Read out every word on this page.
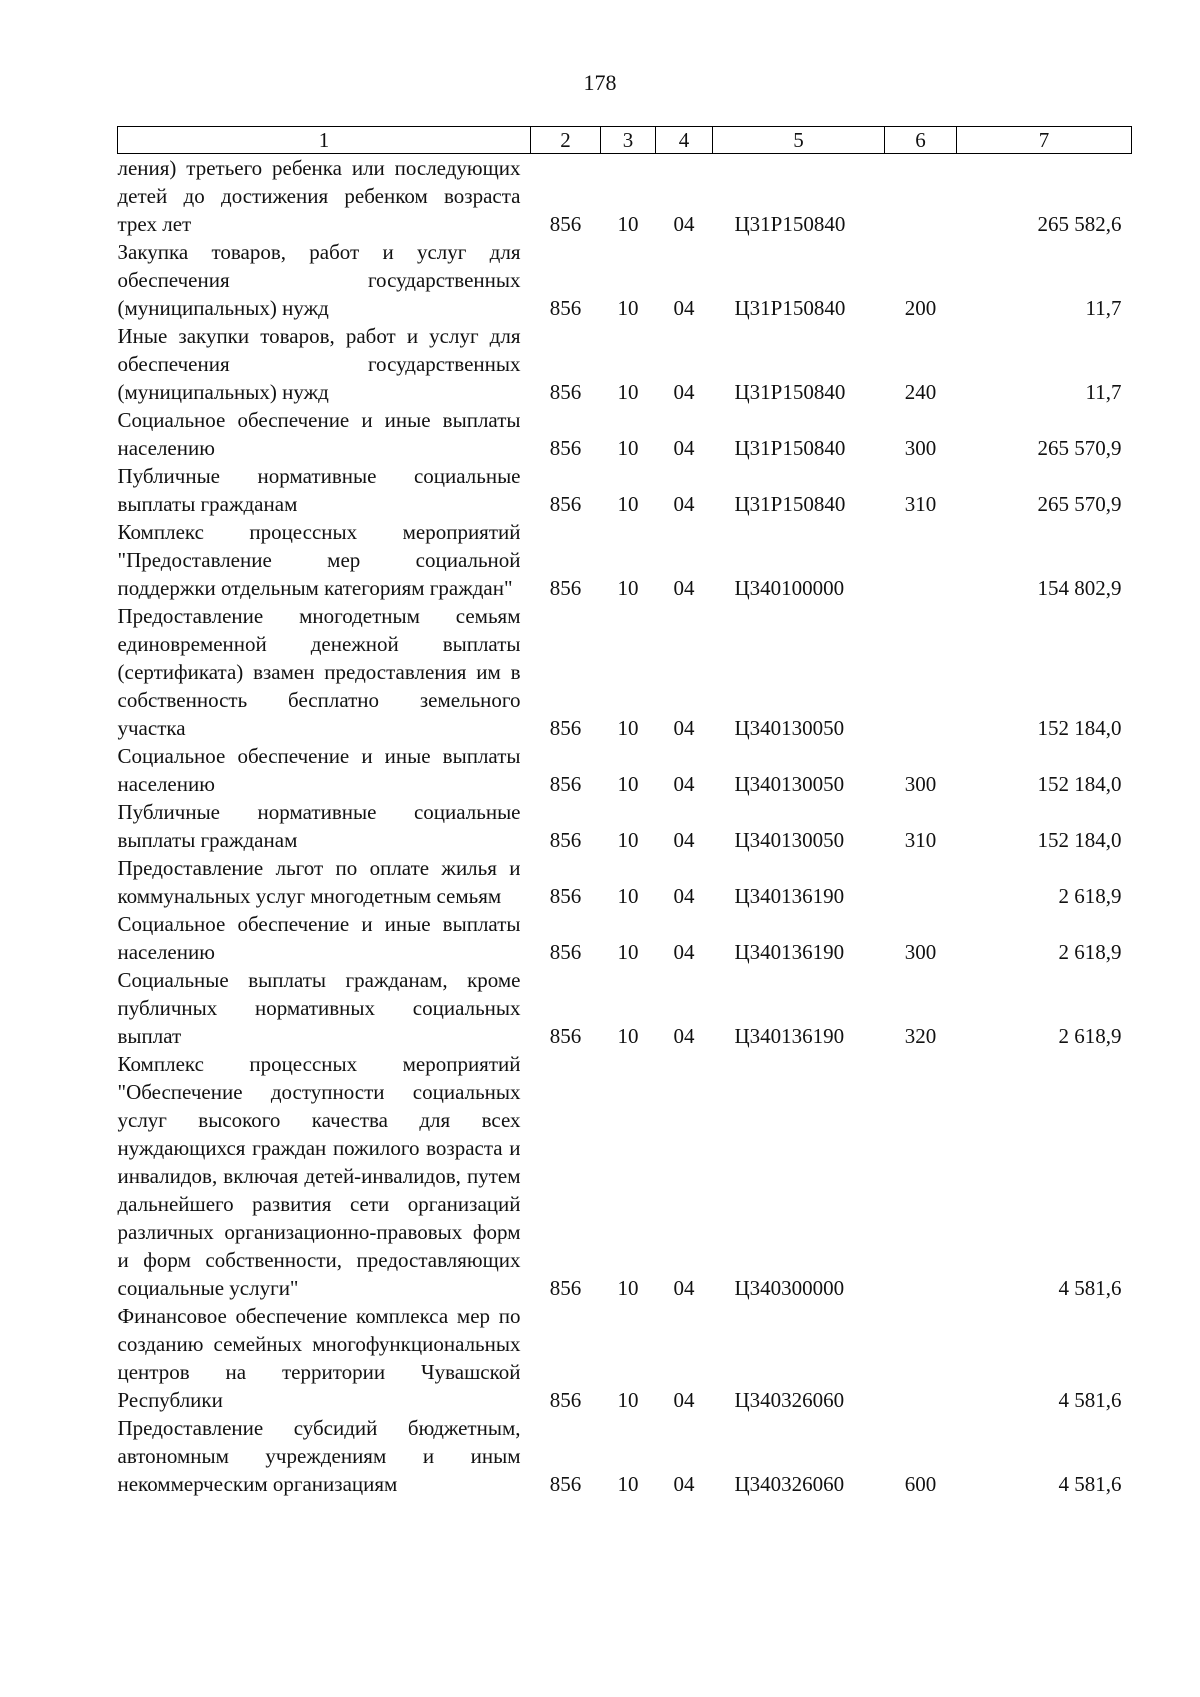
178
1	2	3	4	5	6	7
ления) третьего ребенка или последующих детей до достижения ребенком возраста трех лет	856	10	04	Ц31Р150840		265 582,6
Закупка товаров, работ и услуг для обеспечения государственных (муниципальных) нужд	856	10	04	Ц31Р150840	200	11,7
Иные закупки товаров, работ и услуг для обеспечения государственных (муниципальных) нужд	856	10	04	Ц31Р150840	240	11,7
Социальное обеспечение и иные выплаты населению	856	10	04	Ц31Р150840	300	265 570,9
Публичные нормативные социальные выплаты гражданам	856	10	04	Ц31Р150840	310	265 570,9
Комплекс процессных мероприятий "Предоставление мер социальной поддержки отдельным категориям граждан"	856	10	04	Ц340100000		154 802,9
Предоставление многодетным семьям единовременной денежной выплаты (сертификата) взамен предоставления им в собственность бесплатно земельного участка	856	10	04	Ц340130050		152 184,0
Социальное обеспечение и иные выплаты населению	856	10	04	Ц340130050	300	152 184,0
Публичные нормативные социальные выплаты гражданам	856	10	04	Ц340130050	310	152 184,0
Предоставление льгот по оплате жилья и коммунальных услуг многодетным семьям	856	10	04	Ц340136190		2 618,9
Социальное обеспечение и иные выплаты населению	856	10	04	Ц340136190	300	2 618,9
Социальные выплаты гражданам, кроме публичных нормативных социальных выплат	856	10	04	Ц340136190	320	2 618,9
Комплекс процессных мероприятий "Обеспечение доступности социальных услуг высокого качества для всех нуждающихся граждан пожилого возраста и инвалидов, включая детей-инвалидов, путем дальнейшего развития сети организаций различных организационно-правовых форм и форм собственности, предоставляющих социальные услуги"	856	10	04	Ц340300000		4 581,6
Финансовое обеспечение комплекса мер по созданию семейных многофункциональных центров на территории Чувашской Республики	856	10	04	Ц340326060		4 581,6
Предоставление субсидий бюджетным, автономным учреждениям и иным некоммерческим организациям	856	10	04	Ц340326060	600	4 581,6
